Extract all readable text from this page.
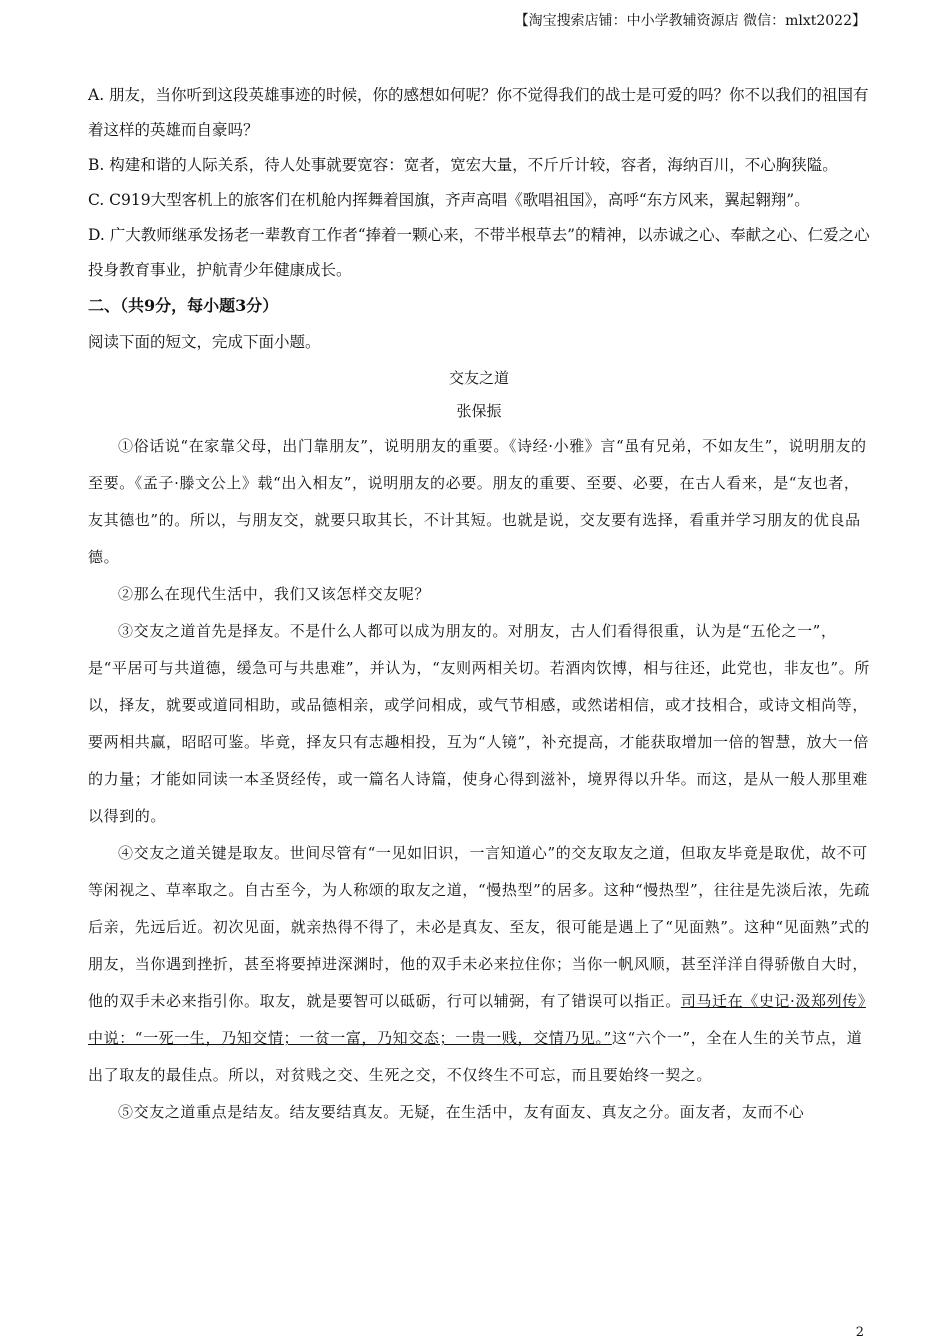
【淘宝搜索店铺：中小学教辅资源店 微信：mlxt2022】

A. 朋友，当你听到这段英雄事迹的时候，你的感想如何呢？你不觉得我们的战士是可爱的吗？你不以我们的祖国有着这样的英雄而自豪吗？

B. 构建和谐的人际关系，待人处事就要宽容：宽者，宽宏大量，不斤斤计较，容者，海纳百川，不心胸狭隘。

C. C919大型客机上的旅客们在机舱内挥舞着国旗，齐声高唱《歌唱祖国》，高呼“东方风来，翼起翱翔”。

D. 广大教师继承发扬老一辈教育工作者“捧着一颗心来，不带半根草去”的精神，以赤诚之心、奉献之心、仁爱之心投身教育事业，护航青少年健康成长。

二、（共9分，每小题3分）

阅读下面的短文，完成下面小题。

交友之道

张保振

①俗话说“在家靠父母，出门靠朋友”，说明朋友的重要。《诗经·小雅》言“虽有兄弟，不如友生”，说明朋友的至要。《孟子·滕文公上》载“出入相友”，说明朋友的必要。朋友的重要、至要、必要，在古人看来，是“友也者，友其德也”的。所以，与朋友交，就要只取其长，不计其短。也就是说，交友要有选择，看重并学习朋友的优良品德。

②那么在现代生活中，我们又该怎样交友呢？

③交友之道首先是择友。不是什么人都可以成为朋友的。对朋友，古人们看得很重，认为是“五伦之一”，是“平居可与共道德，缓急可与共患难”，并认为，“友则两相关切。若酒肉饮博，相与往还，此党也，非友也”。所以，择友，就要或道同相助，或品德相亲，或学问相成，或气节相感，或然诺相信，或才技相合，或诗文相尚等，要两相共赢，昭昭可鉴。毕竟，择友只有志趣相投，互为“人镜”，补充提高，才能获取增加一倍的智慧，放大一倍的力量；才能如同读一本圣贤经传，或一篇名人诗篇，使身心得到滋补，境界得以升华。而这，是从一般人那里难以得到的。

④交友之道关键是取友。世间尽管有“一见如旧识，一言知道心”的交友取友之道，但取友毕竟是取优，故不可等闲视之、草率取之。自古至今，为人称颂的取友之道，“慢热型”的居多。这种“慢热型”，往往是先淡后浓，先疏后亲，先远后近。初次见面，就亲热得不得了，未必是真友、至友，很可能是遇上了“见面熟”。这种“见面熟”式的朋友，当你遇到挫折，甚至将要掉进深渊时，他的双手未必来拉住你；当你一帆风顺，甚至洋洋自得骄傲自大时，他的双手未必来指引你。取友，就是要智可以砥砺，行可以辅弼，有了错误可以指正。司马迁在《史记·汲郑列传》中说：“一死一生，乃知交情；一贫一富，乃知交态；一贵一贱，交情乃见。”这“六个一”，全在人生的关节点，道出了取友的最佳点。所以，对贫贱之交、生死之交，不仅终生不可忘，而且要始终一契之。

⑤交友之道重点是结友。结友要结真友。无疑，在生活中，友有面友、真友之分。面友者，友而不心

2
